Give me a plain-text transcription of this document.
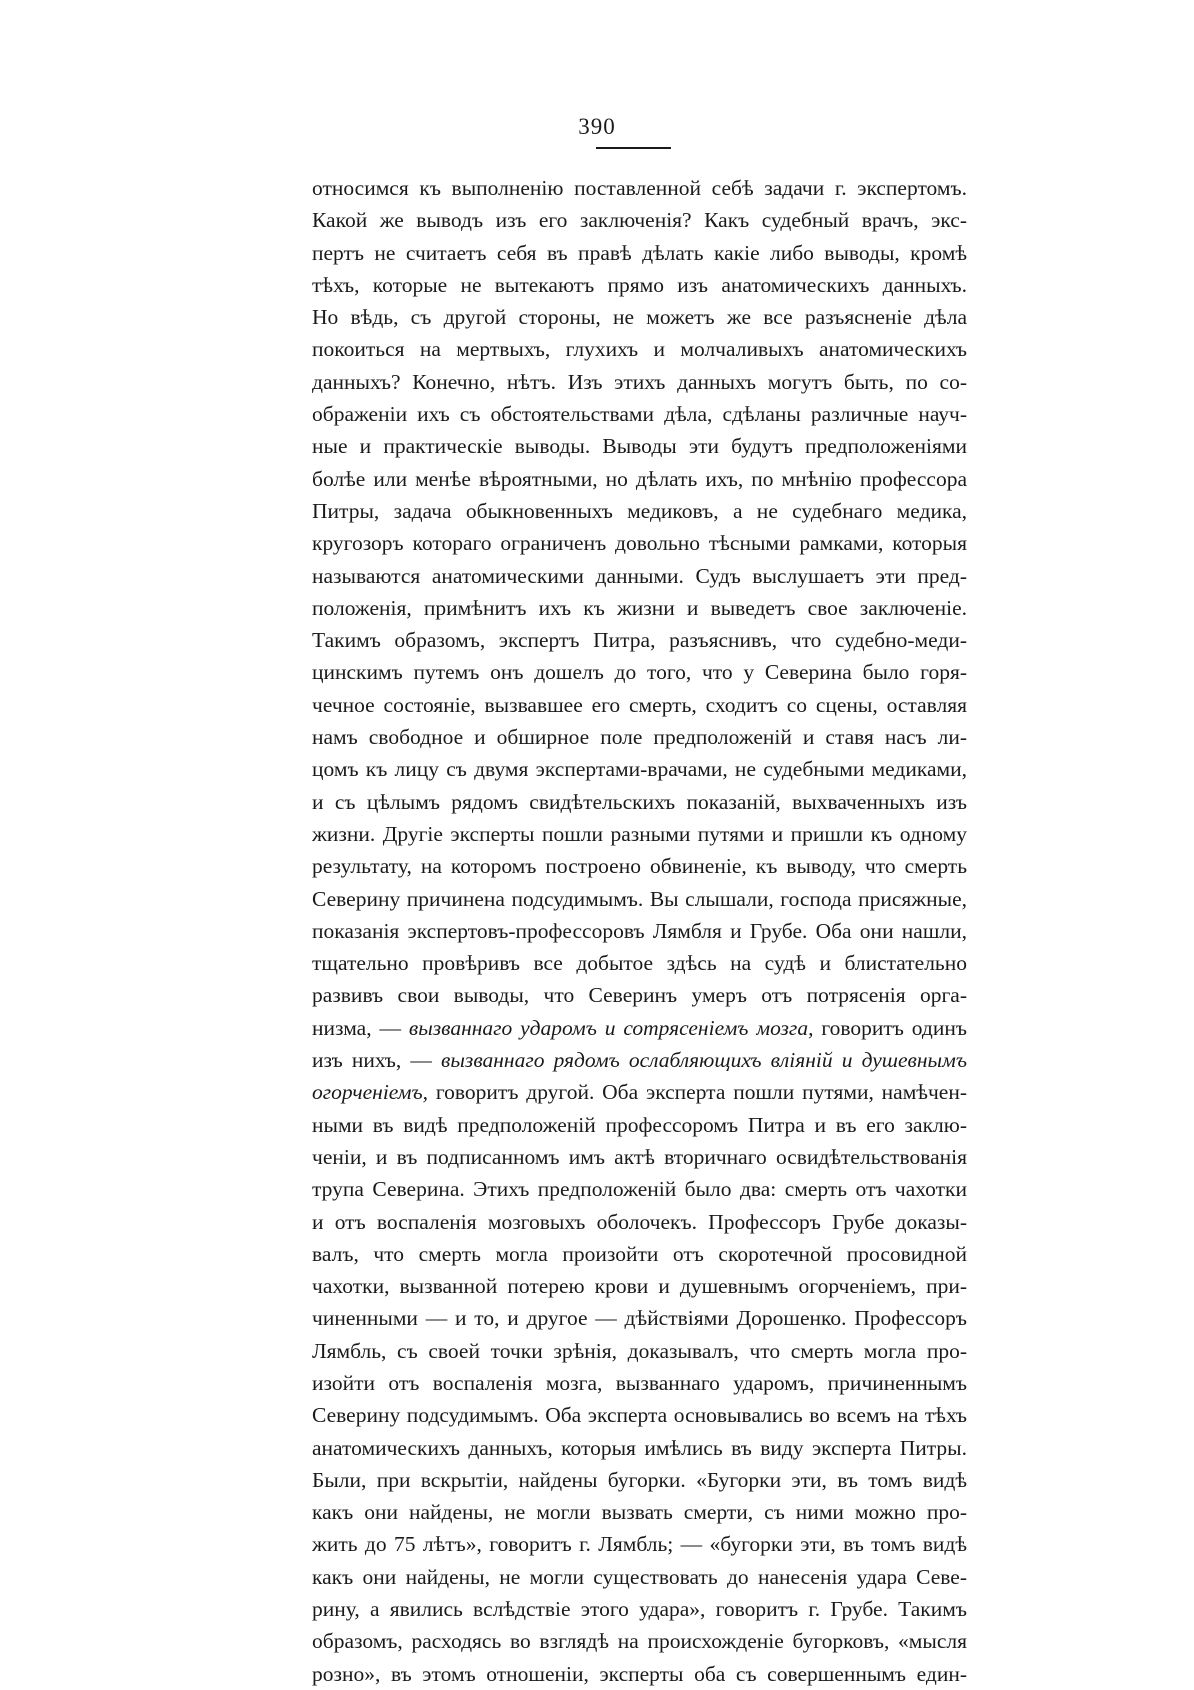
390
относимся къ выполненію поставленной себѣ задачи г. экспертомъ.
Какой же выводъ изъ его заключенія? Какъ судебный врачъ, экс-
пертъ не считаетъ себя въ правѣ дѣлать какіе либо выводы, кромѣ
тѣхъ, которые не вытекаютъ прямо изъ анатомическихъ данныхъ.
Но вѣдь, съ другой стороны, не можетъ же все разъясненіе дѣла
покоиться на мертвыхъ, глухихъ и молчаливыхъ анатомическихъ
данныхъ? Конечно, нѣтъ. Изъ этихъ данныхъ могутъ быть, по со-
ображеніи ихъ съ обстоятельствами дѣла, сдѣланы различные науч-
ные и практическіе выводы. Выводы эти будутъ предположеніями
болѣе или менѣе вѣроятными, но дѣлать ихъ, по мнѣнію профессора
Питры, задача обыкновенныхъ медиковъ, а не судебнаго медика,
кругозоръ котораго ограниченъ довольно тѣсными рамками, которыя
называются анатомическими данными. Судъ выслушаетъ эти пред-
положенія, примѣнитъ ихъ къ жизни и выведетъ свое заключеніе.
Такимъ образомъ, экспертъ Питра, разъяснивъ, что судебно-меди-
цинскимъ путемъ онъ дошелъ до того, что у Северина было горя-
чечное состояніе, вызвавшее его смерть, сходитъ со сцены, оставляя
намъ свободное и обширное поле предположеній и ставя насъ ли-
цомъ къ лицу съ двумя экспертами-врачами, не судебными медиками,
и съ цѣлымъ рядомъ свидѣтельскихъ показаній, выхваченныхъ изъ
жизни. Другіе эксперты пошли разными путями и пришли къ одному
результату, на которомъ построено обвиненіе, къ выводу, что смерть
Северину причинена подсудимымъ. Вы слышали, господа присяжные,
показанія экспертовъ-профессоровъ Лямбля и Грубе. Оба они нашли,
тщательно провѣривъ все добытое здѣсь на судѣ и блистательно
развивъ свои выводы, что Северинъ умеръ отъ потрясенія орга-
низма, — вызваннаго ударомъ и сотрясеніемъ мозга, говоритъ одинъ
изъ нихъ, — вызваннаго рядомъ ослабляющихъ вліяній и душевнымъ
огорченіемъ, говоритъ другой. Оба эксперта пошли путями, намѣчен-
ными въ видѣ предположеній профессоромъ Питра и въ его заклю-
ченіи, и въ подписанномъ имъ актѣ вторичнаго освидѣтельствованія
трупа Северина. Этихъ предположеній было два: смерть отъ чахотки
и отъ воспаленія мозговыхъ оболочекъ. Профессоръ Грубе доказы-
валъ, что смерть могла произойти отъ скоротечной просовидной
чахотки, вызванной потерею крови и душевнымъ огорченіемъ, при-
чиненными — и то, и другое — дѣйствіями Дорошенко. Профессоръ
Лямбль, съ своей точки зрѣнія, доказывалъ, что смерть могла про-
изойти отъ воспаленія мозга, вызваннаго ударомъ, причиненнымъ
Северину подсудимымъ. Оба эксперта основывались во всемъ на тѣхъ
анатомическихъ данныхъ, которыя имѣлись въ виду эксперта Питры.
Были, при вскрытіи, найдены бугорки. «Бугорки эти, въ томъ видѣ
какъ они найдены, не могли вызвать смерти, съ ними можно про-
жить до 75 лѣтъ», говоритъ г. Лямбль; — «бугорки эти, въ томъ видѣ
какъ они найдены, не могли существовать до нанесенія удара Севе-
рину, а явились вслѣдствіе этого удара», говоритъ г. Грубе. Такимъ
образомъ, расходясь во взглядѣ на происхожденіе бугорковъ, «мысля
розно», въ этомъ отношеніи, эксперты оба съ совершеннымъ един-
